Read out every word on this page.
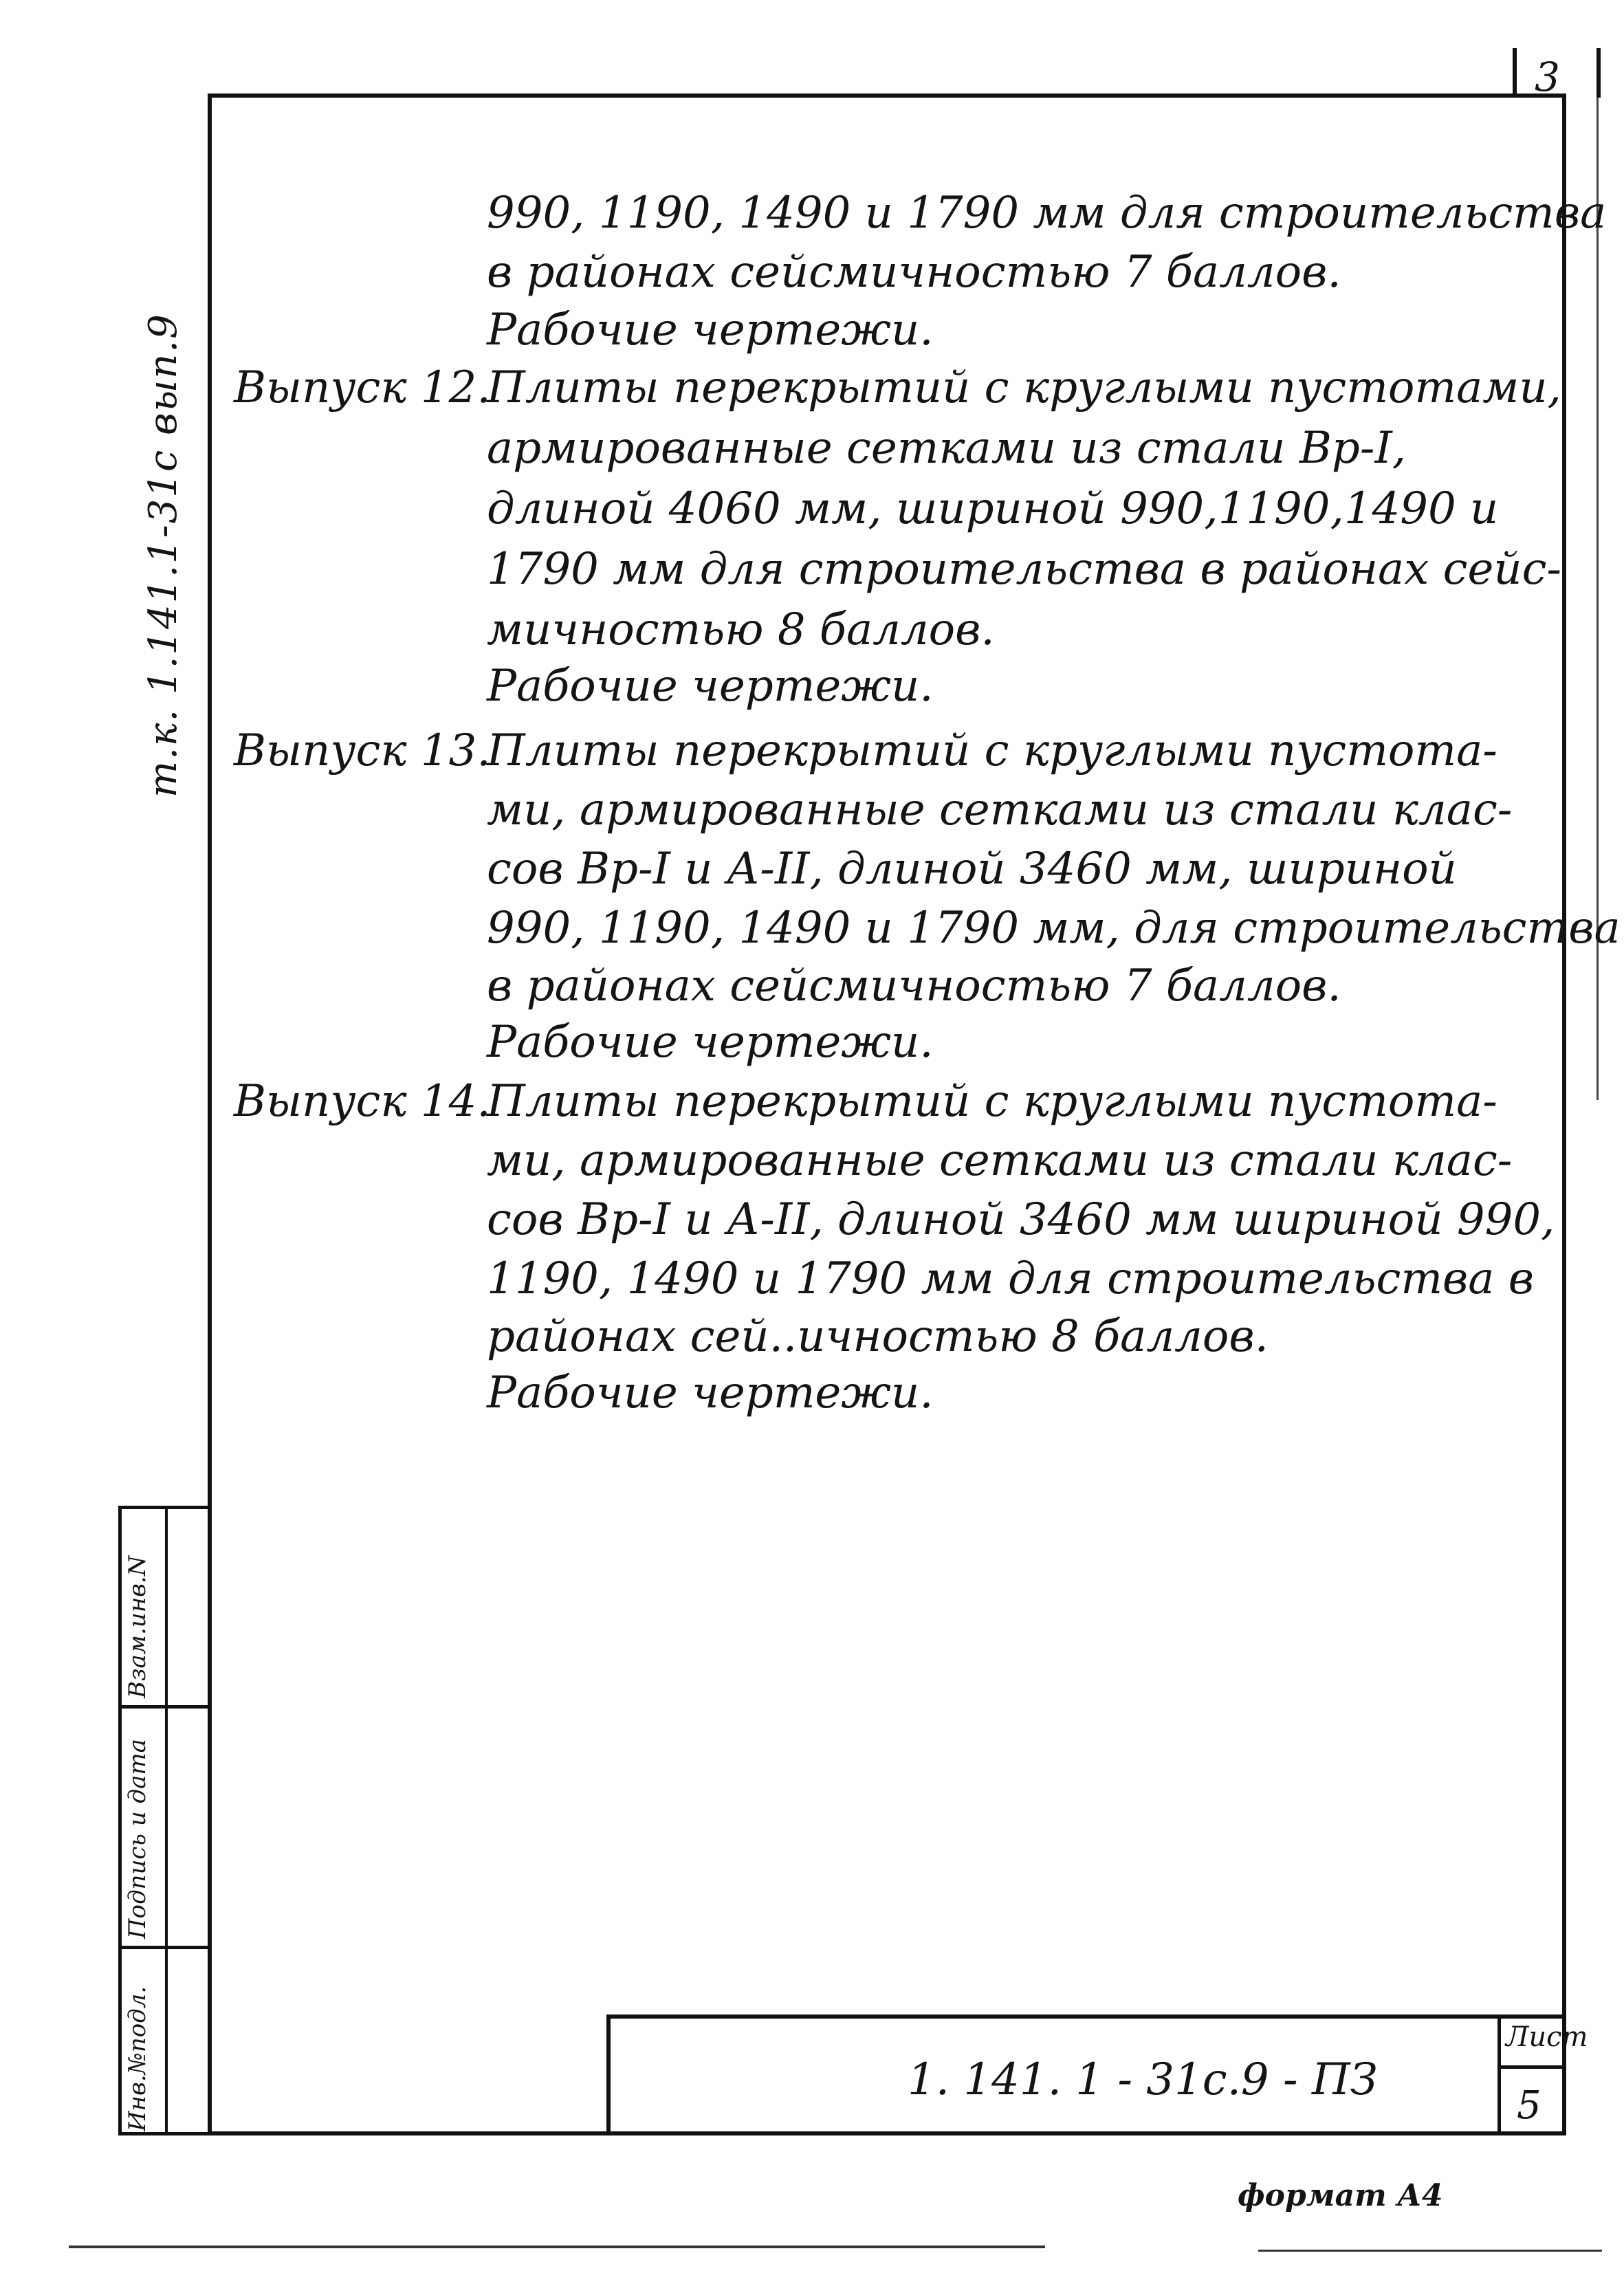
3
т.к. 1.141.1-31с вып.9
990, 1190, 1490 и 1790 мм для строительства
в районах сейсмичностью 7 баллов.
Рабочие чертежи.
Выпуск 12.
Плиты перекрытий с круглыми пустотами,
армированные сетками из стали Вр-I,
длиной 4060 мм, шириной 990,1190,1490 и
1790 мм для строительства в районах сейс-
мичностью 8 баллов.
Рабочие чертежи.
Выпуск 13.
Плиты перекрытий с круглыми пустота-
ми, армированные сетками из стали клас-
сов Вр-I и А-II, длиной 3460 мм, шириной
990, 1190, 1490 и 1790 мм, для строительства
в районах сейсмичностью 7 баллов.
Рабочие чертежи.
Выпуск 14.
Плиты перекрытий с круглыми пустота-
ми, армированные сетками из стали клас-
сов Вр-I и А-II, длиной 3460 мм шириной 990,
1190, 1490 и 1790 мм для строительства в
районах сей..ичностью 8 баллов.
Рабочие чертежи.
Инв.№подл.
Подпись и дата
Взам.инв.N
1. 141. 1 - 31с.9 - ПЗ
Лист
5
формат А4
